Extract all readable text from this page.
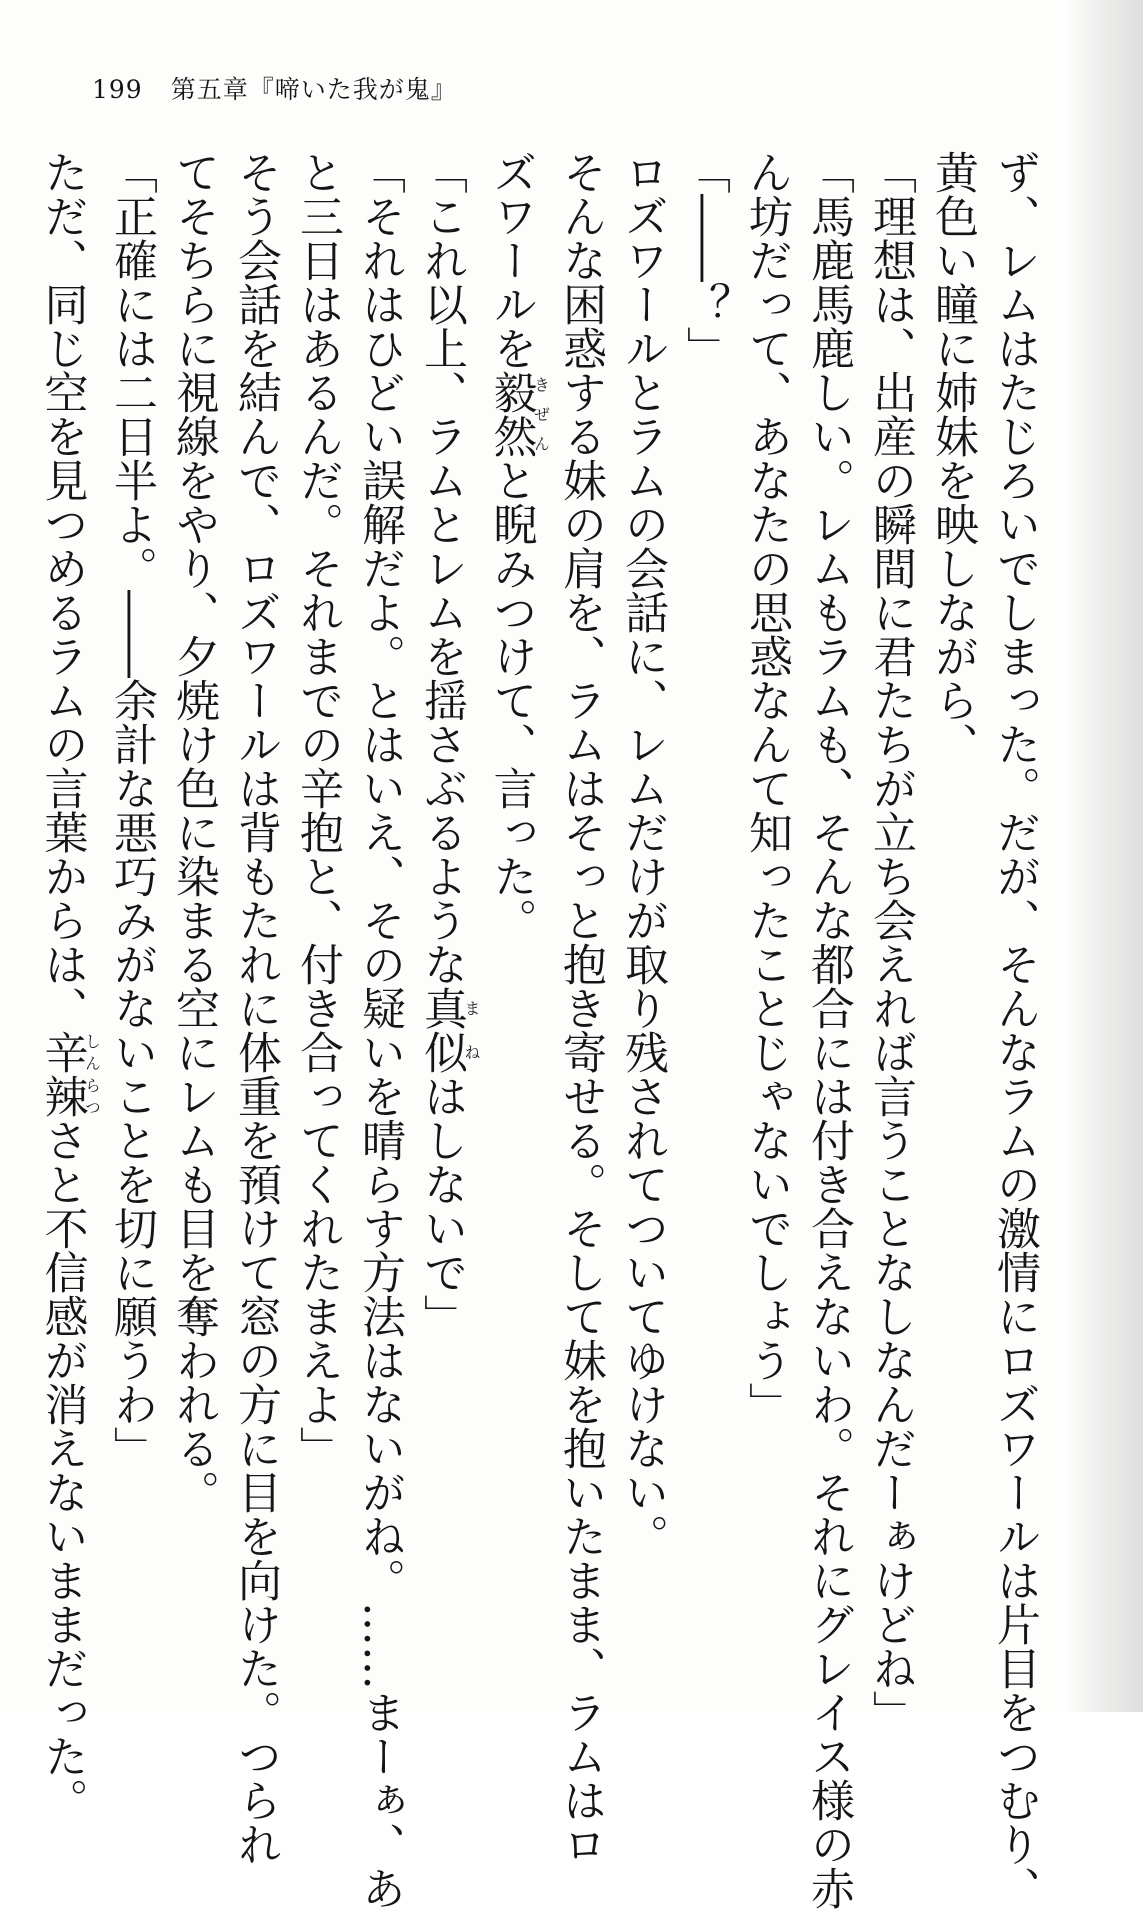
199 第五章『啼いた我が鬼』

ず、レムはたじろいでしまった。だが、そんなラムの激情にロズワールは片目をつむり、

黄色い瞳に姉妹を映しながら、

「理想は、出産の瞬間に君たちが立ち会えれば言うことなしなんだーぁけどね」

「馬鹿馬鹿しい。レムもラムも、そんな都合には付き合えないわ。それにグレイス様の赤

ん坊だって、あなたの思惑なんて知ったことじゃないでしょう」

「――？」

ロズワールとラムの会話に、レムだけが取り残されてついてゆけない。

そんな困惑する妹の肩を、ラムはそっと抱き寄せる。そして妹を抱いたまま、ラムはロ

ズワールを毅然きぜんと睨みつけて、言った。

「これ以上、ラムとレムを揺さぶるような真似まねはしないで」

「それはひどい誤解だよ。とはいえ、その疑いを晴らす方法はないがね。……まーぁ、あ

と三日はあるんだ。それまでの辛抱と、付き合ってくれたまえよ」

そう会話を結んで、ロズワールは背もたれに体重を預けて窓の方に目を向けた。つられ

てそちらに視線をやり、夕焼け色に染まる空にレムも目を奪われる。

「正確には二日半よ。――余計な悪巧みがないことを切に願うわ」

ただ、同じ空を見つめるラムの言葉からは、辛辣しんらつさと不信感が消えないままだった。
